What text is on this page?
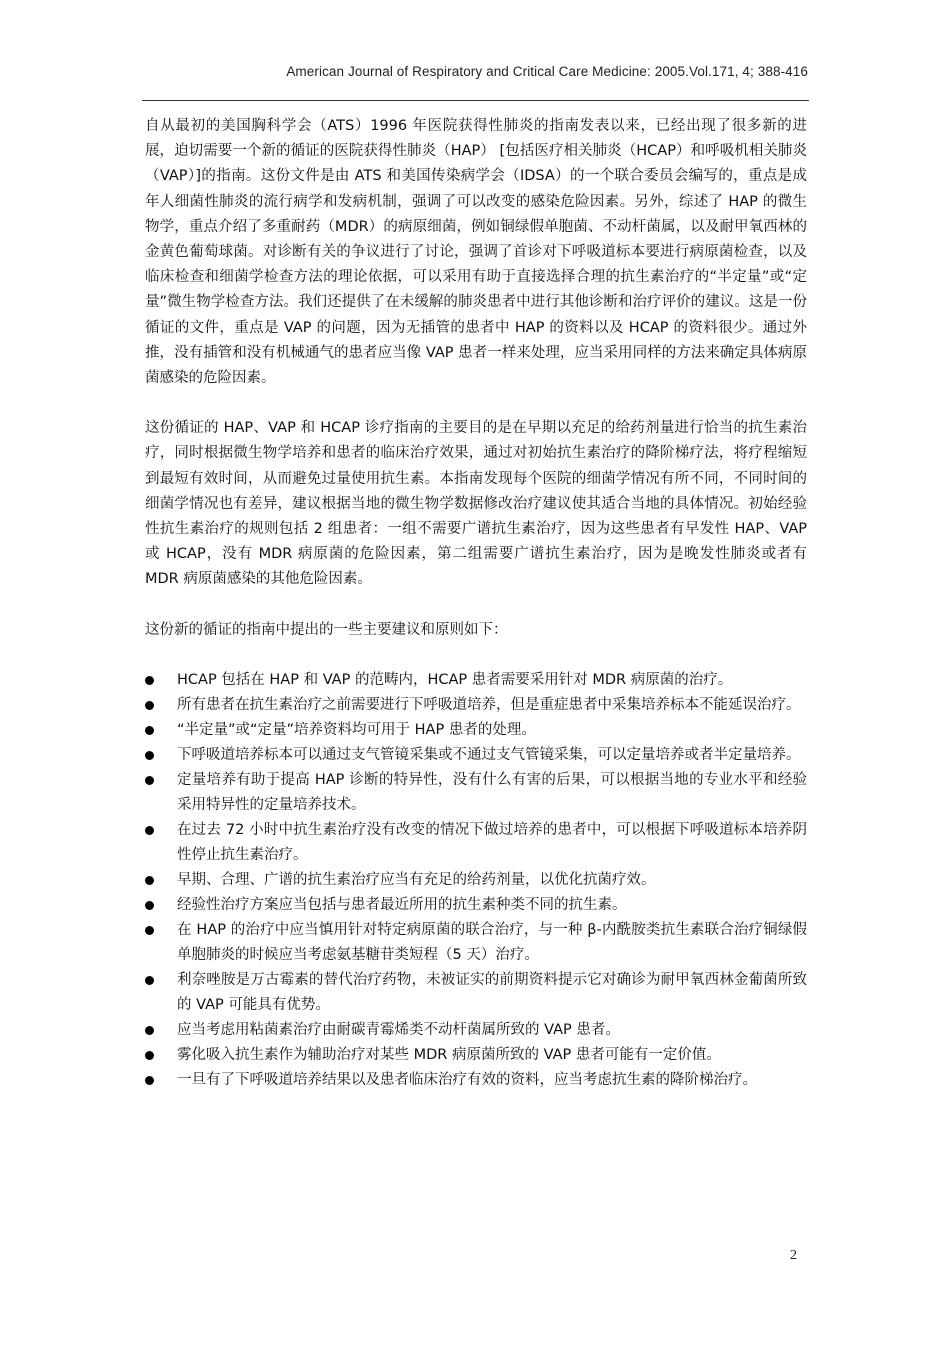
American Journal of Respiratory and Critical Care Medicine: 2005.Vol.171, 4; 388-416

自从最初的美国胸科学会（ATS）1996 年医院获得性肺炎的指南发表以来，已经出现了很多新的进展，迫切需要一个新的循证的医院获得性肺炎（HAP） [包括医疗相关肺炎（HCAP）和呼吸机相关肺炎（VAP）]的指南。这份文件是由 ATS 和美国传染病学会（IDSA）的一个联合委员会编写的，重点是成年人细菌性肺炎的流行病学和发病机制，强调了可以改变的感染危险因素。另外，综述了 HAP 的微生物学，重点介绍了多重耐药（MDR）的病原细菌，例如铜绿假单胞菌、不动杆菌属，以及耐甲氧西林的金黄色葡萄球菌。对诊断有关的争议进行了讨论，强调了首诊对下呼吸道标本要进行病原菌检查，以及临床检查和细菌学检查方法的理论依据，可以采用有助于直接选择合理的抗生素治疗的“半定量”或“定量”微生物学检查方法。我们还提供了在未缓解的肺炎患者中进行其他诊断和治疗评价的建议。这是一份循证的文件，重点是 VAP 的问题，因为无插管的患者中 HAP 的资料以及 HCAP 的资料很少。通过外推，没有插管和没有机械通气的患者应当像 VAP 患者一样来处理，应当采用同样的方法来确定具体病原菌感染的危险因素。

这份循证的 HAP、VAP 和 HCAP 诊疗指南的主要目的是在早期以充足的给药剂量进行恰当的抗生素治疗，同时根据微生物学培养和患者的临床治疗效果，通过对初始抗生素治疗的降阶梯疗法，将疗程缩短到最短有效时间，从而避免过量使用抗生素。本指南发现每个医院的细菌学情况有所不同，不同时间的细菌学情况也有差异，建议根据当地的微生物学数据修改治疗建议使其适合当地的具体情况。初始经验性抗生素治疗的规则包括 2 组患者：一组不需要广谱抗生素治疗，因为这些患者有早发性 HAP、VAP 或 HCAP，没有 MDR 病原菌的危险因素，第二组需要广谱抗生素治疗，因为是晚发性肺炎或者有 MDR 病原菌感染的其他危险因素。

这份新的循证的指南中提出的一些主要建议和原则如下：

HCAP 包括在 HAP 和 VAP 的范畴内，HCAP 患者需要采用针对 MDR 病原菌的治疗。
所有患者在抗生素治疗之前需要进行下呼吸道培养，但是重症患者中采集培养标本不能延误治疗。
“半定量”或“定量”培养资料均可用于 HAP 患者的处理。
下呼吸道培养标本可以通过支气管镜采集或不通过支气管镜采集，可以定量培养或者半定量培养。
定量培养有助于提高 HAP 诊断的特异性，没有什么有害的后果，可以根据当地的专业水平和经验采用特异性的定量培养技术。
在过去 72 小时中抗生素治疗没有改变的情况下做过培养的患者中，可以根据下呼吸道标本培养阴性停止抗生素治疗。
早期、合理、广谱的抗生素治疗应当有充足的给药剂量，以优化抗菌疗效。
经验性治疗方案应当包括与患者最近所用的抗生素种类不同的抗生素。
在 HAP 的治疗中应当慎用针对特定病原菌的联合治疗，与一种 β-内酰胺类抗生素联合治疗铜绿假单胞肺炎的时候应当考虑氨基糖苷类短程（5 天）治疗。
利奈唑胺是万古霉素的替代治疗药物，未被证实的前期资料提示它对确诊为耐甲氧西林金葡菌所致的 VAP 可能具有优势。
应当考虑用粘菌素治疗由耐碳青霉烯类不动杆菌属所致的 VAP 患者。
雾化吸入抗生素作为辅助治疗对某些 MDR 病原菌所致的 VAP 患者可能有一定价值。
一旦有了下呼吸道培养结果以及患者临床治疗有效的资料，应当考虑抗生素的降阶梯治疗。
2
